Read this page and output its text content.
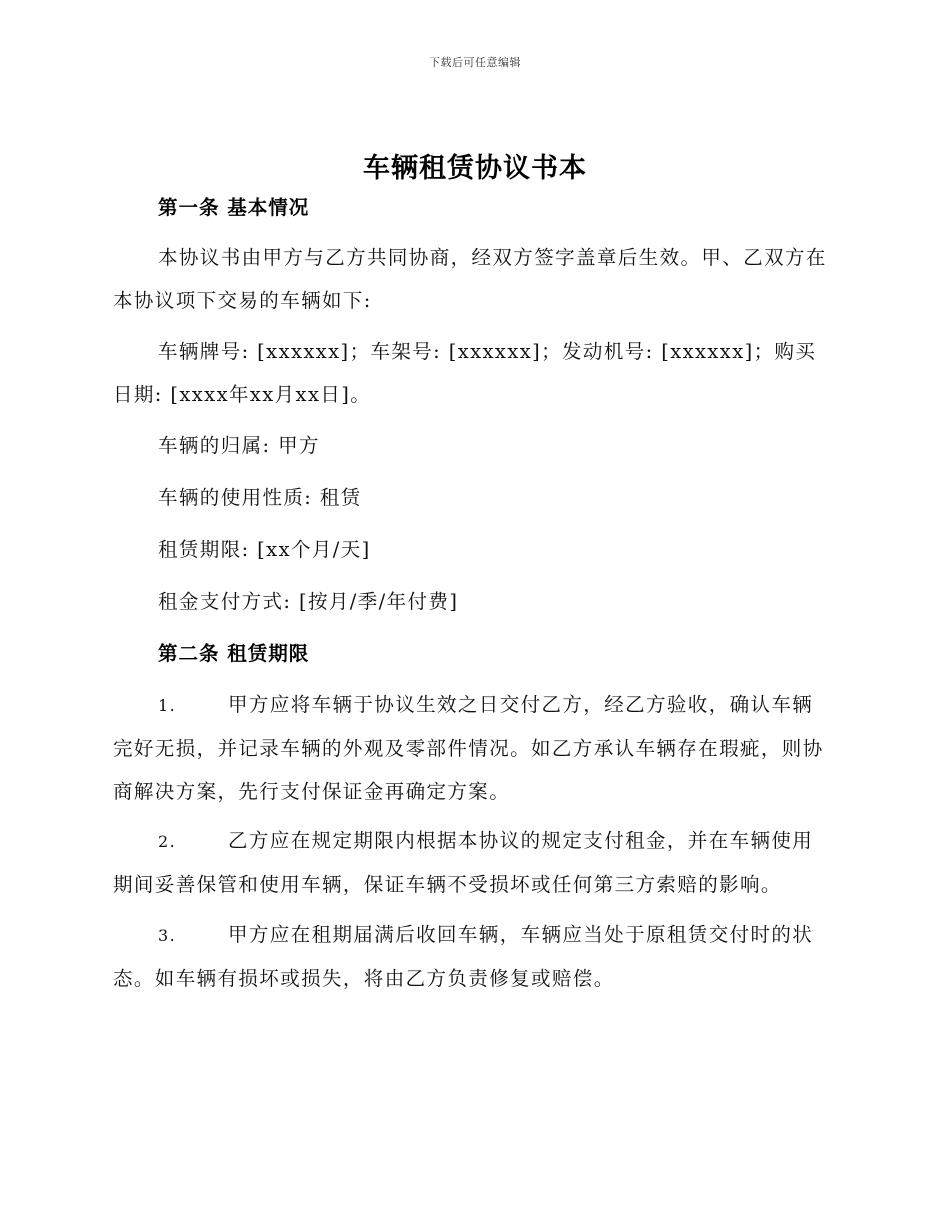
下载后可任意编辑
车辆租赁协议书本
第一条 基本情况

本协议书由甲方与乙方共同协商，经双方签字盖章后生效。甲、乙双方在本协议项下交易的车辆如下:

车辆牌号: [xxxxxx]；车架号: [xxxxxx]；发动机号: [xxxxxx]；购买日期: [xxxx年xx月xx日]。

车辆的归属: 甲方

车辆的使用性质: 租赁

租赁期限: [xx个月/天]

租金支付方式: [按月/季/年付费]

第二条 租赁期限

1.	甲方应将车辆于协议生效之日交付乙方，经乙方验收，确认车辆完好无损，并记录车辆的外观及零部件情况。如乙方承认车辆存在瑕疵，则协商解决方案，先行支付保证金再确定方案。

2.	乙方应在规定期限内根据本协议的规定支付租金，并在车辆使用期间妥善保管和使用车辆，保证车辆不受损坏或任何第三方索赔的影响。

3.	甲方应在租期届满后收回车辆，车辆应当处于原租赁交付时的状态。如车辆有损坏或损失，将由乙方负责修复或赔偿。
